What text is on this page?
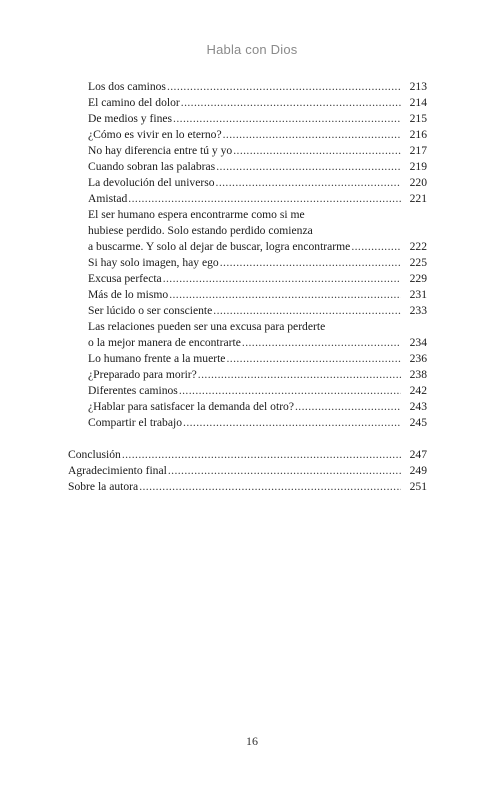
Habla con Dios
Los dos caminos .....	213
El camino del dolor .....	214
De medios y fines .....	215
¿Cómo es vivir en lo eterno? .....	216
No hay diferencia entre tú y yo .....	217
Cuando sobran las palabras .....	219
La devolución del universo .....	220
Amistad .....	221
El ser humano espera encontrarme como si me
hubiese perdido. Solo estando perdido comienza
a buscarme. Y solo al dejar de buscar, logra encontrarme .....	222
Si hay solo imagen, hay ego .....	225
Excusa perfecta .....	229
Más de lo mismo .....	231
Ser lúcido o ser consciente .....	233
Las relaciones pueden ser una excusa para perderte
o la mejor manera de encontrarte .....	234
Lo humano frente a la muerte .....	236
¿Preparado para morir? .....	238
Diferentes caminos .....	242
¿Hablar para satisfacer la demanda del otro? .....	243
Compartir el trabajo .....	245
Conclusión .....	247
Agradecimiento final .....	249
Sobre la autora .....	251
16
